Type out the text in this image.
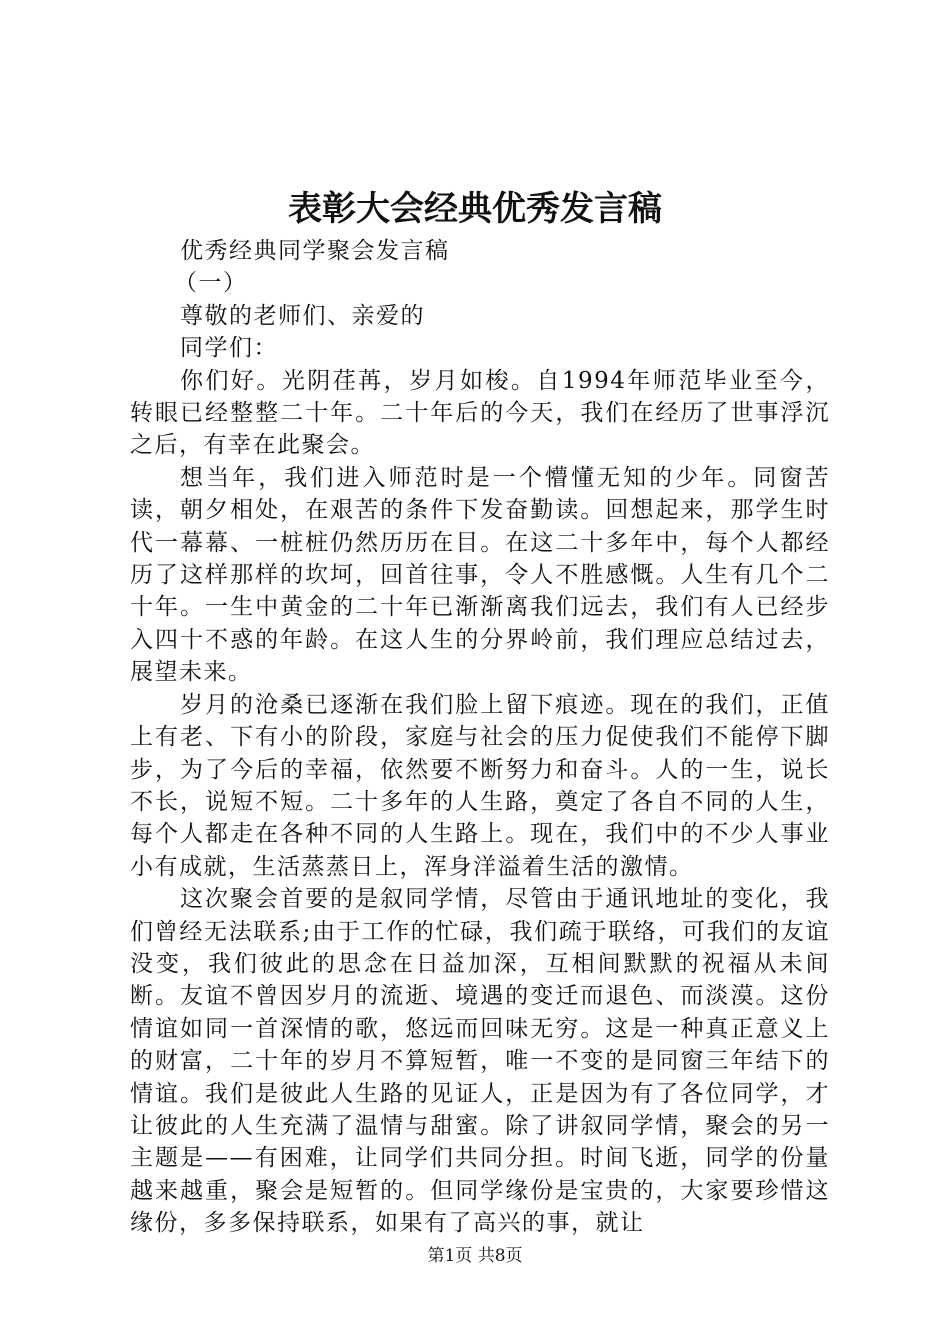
表彰大会经典优秀发言稿

优秀经典同学聚会发言稿

（一）

尊敬的老师们、亲爱的

同学们：

你们好。光阴荏苒，岁月如梭。自1994年师范毕业至今，转眼已经整整二十年。二十年后的今天，我们在经历了世事浮沉之后，有幸在此聚会。

想当年，我们进入师范时是一个懵懂无知的少年。同窗苦读，朝夕相处，在艰苦的条件下发奋勤读。回想起来，那学生时代一幕幕、一桩桩仍然历历在目。在这二十多年中，每个人都经历了这样那样的坎坷，回首往事，令人不胜感慨。人生有几个二十年。一生中黄金的二十年已渐渐离我们远去，我们有人已经步入四十不惑的年龄。在这人生的分界岭前，我们理应总结过去，展望未来。

岁月的沧桑已逐渐在我们脸上留下痕迹。现在的我们，正值上有老、下有小的阶段，家庭与社会的压力促使我们不能停下脚步，为了今后的幸福，依然要不断努力和奋斗。人的一生，说长不长，说短不短。二十多年的人生路，奠定了各自不同的人生，每个人都走在各种不同的人生路上。现在，我们中的不少人事业小有成就，生活蒸蒸日上，浑身洋溢着生活的激情。

这次聚会首要的是叙同学情，尽管由于通讯地址的变化，我们曾经无法联系;由于工作的忙碌，我们疏于联络，可我们的友谊没变，我们彼此的思念在日益加深，互相间默默的祝福从未间断。友谊不曾因岁月的流逝、境遇的变迁而退色、而淡漠。这份情谊如同一首深情的歌，悠远而回味无穷。这是一种真正意义上的财富，二十年的岁月不算短暂，唯一不变的是同窗三年结下的情谊。我们是彼此人生路的见证人，正是因为有了各位同学，才让彼此的人生充满了温情与甜蜜。除了讲叙同学情，聚会的另一主题是——有困难，让同学们共同分担。时间飞逝，同学的份量越来越重，聚会是短暂的。但同学缘份是宝贵的，大家要珍惜这缘份，多多保持联系，如果有了高兴的事，就让

第1页 共8页
